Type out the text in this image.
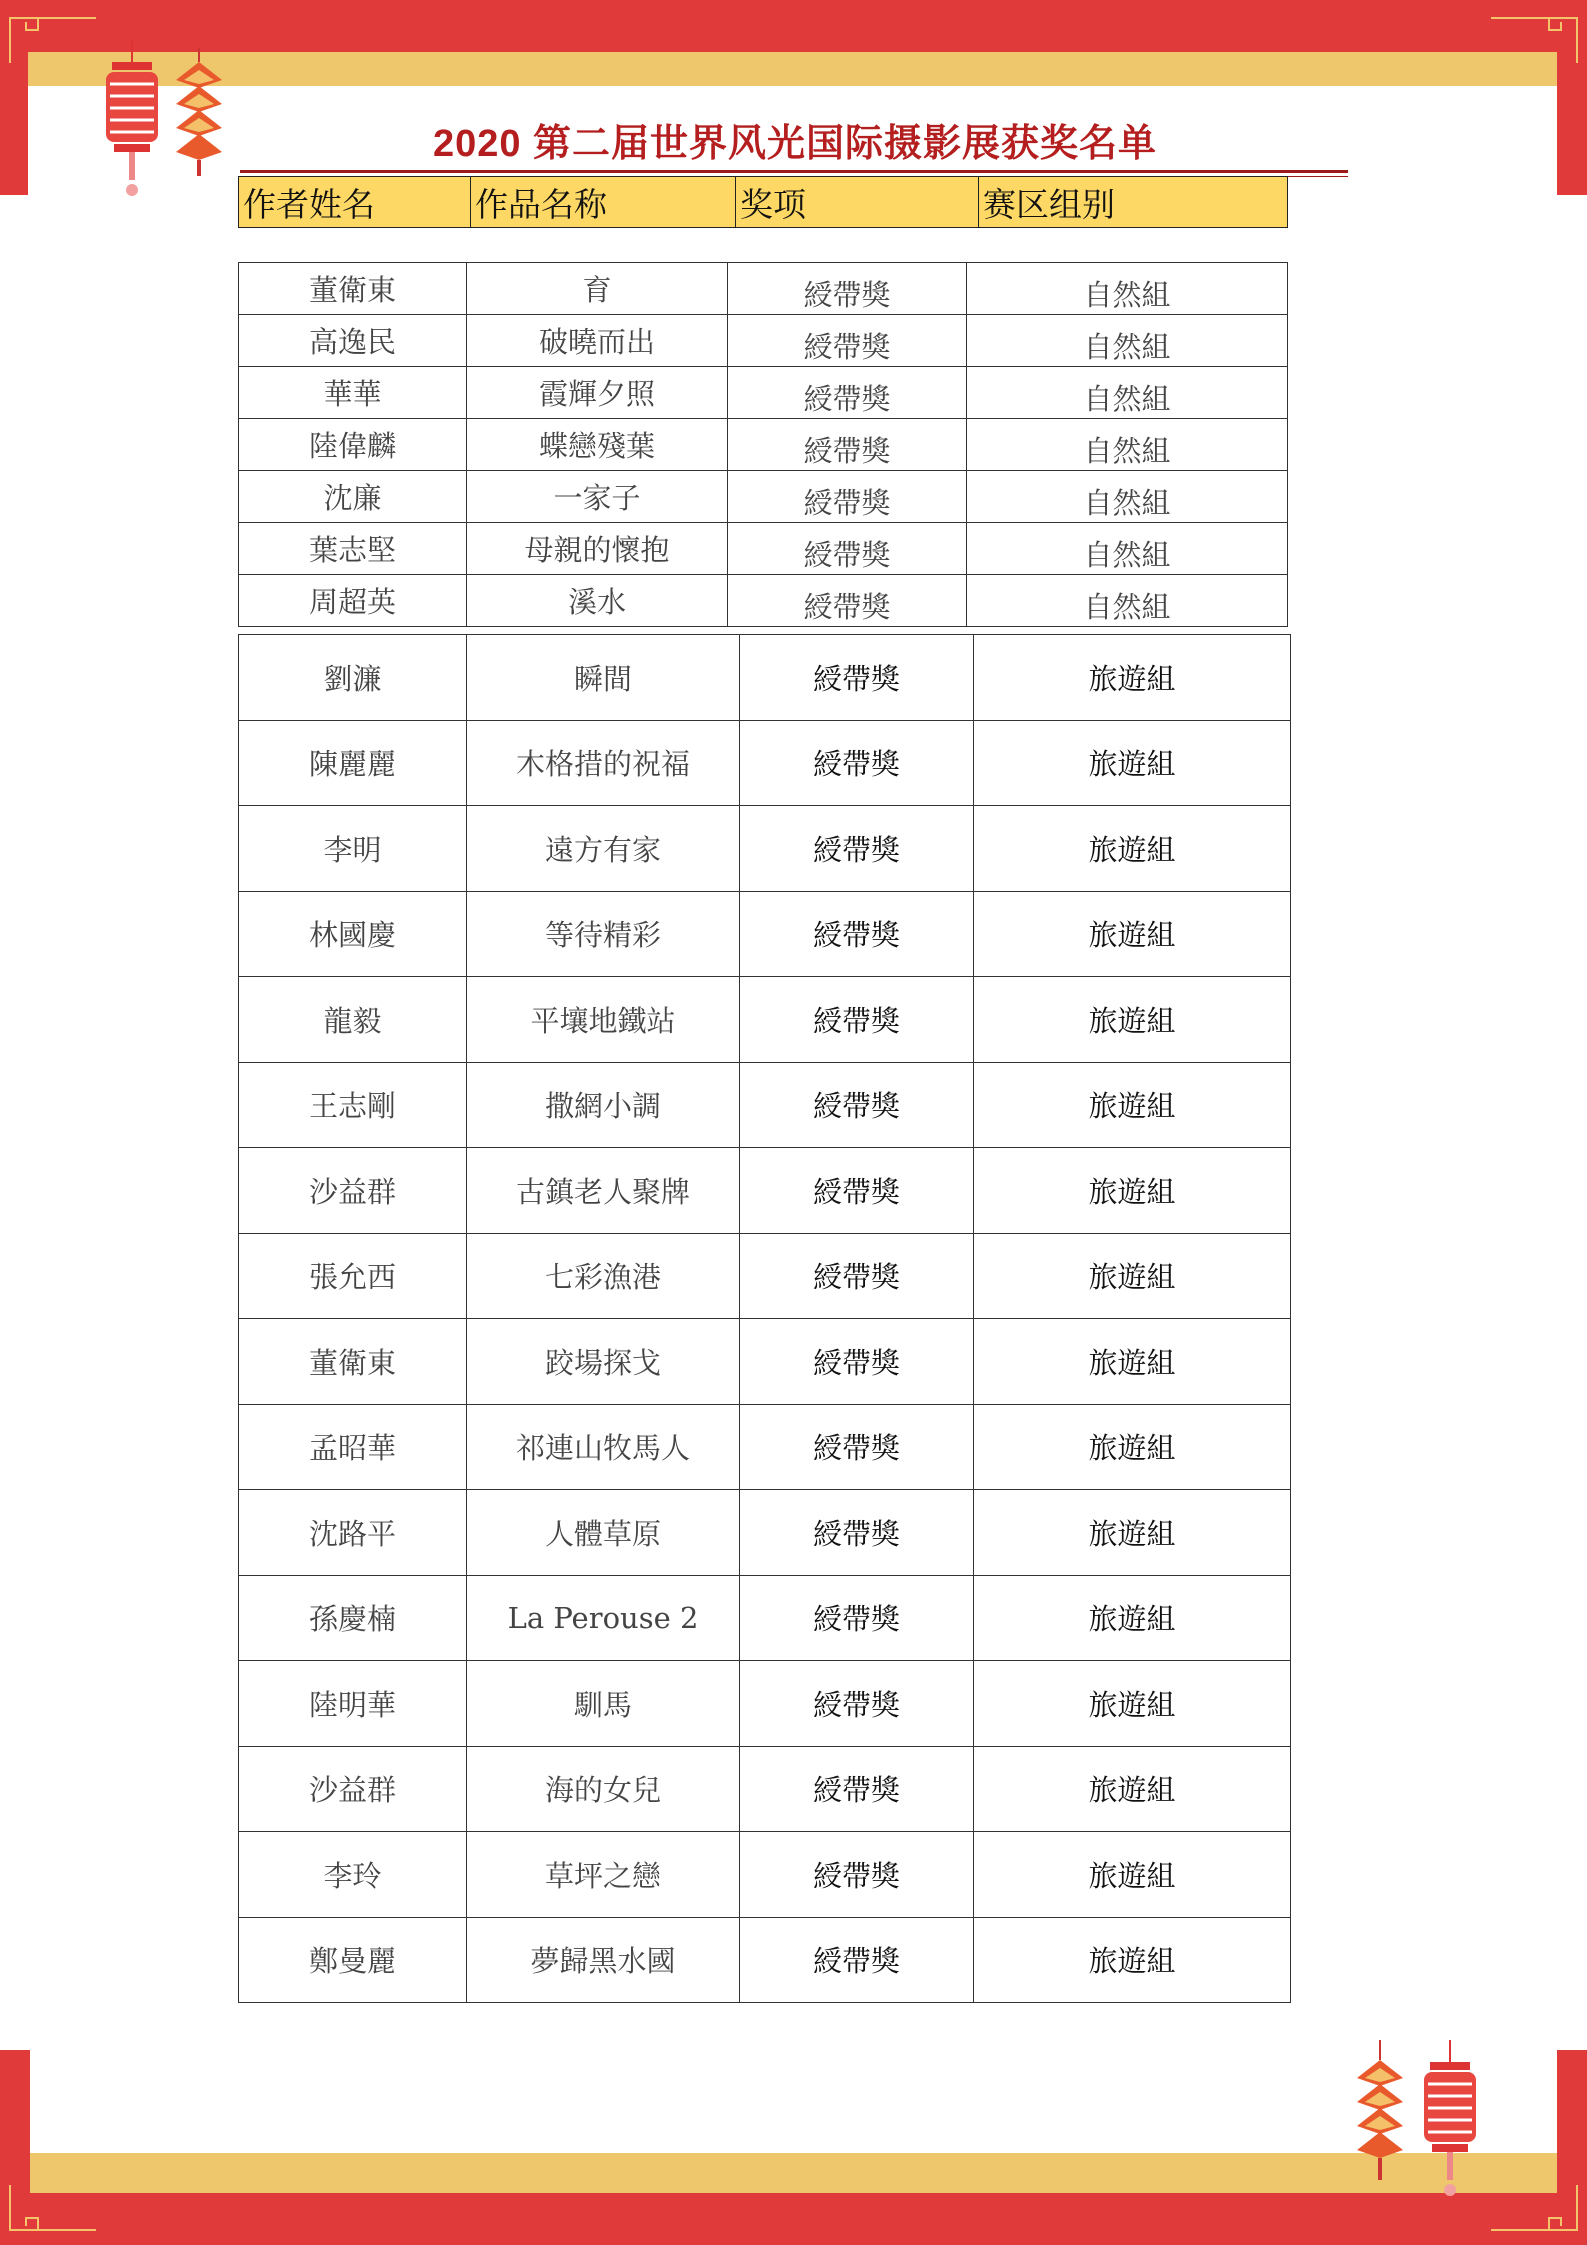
2020 第二届世界风光国际摄影展获奖名单
作者姓名	作品名称	奖项	赛区组别
董衛東	育	綬帶獎	自然組
高逸民	破曉而出	綬帶獎	自然組
華華	霞輝夕照	綬帶獎	自然組
陸偉麟	蝶戀殘葉	綬帶獎	自然組
沈廉	一家子	綬帶獎	自然組
葉志堅	母親的懷抱	綬帶獎	自然組
周超英	溪水	綬帶獎	自然組
劉濂	瞬間	綬帶獎	旅遊組
陳麗麗	木格措的祝福	綬帶獎	旅遊組
李明	遠方有家	綬帶獎	旅遊組
林國慶	等待精彩	綬帶獎	旅遊組
龍毅	平壤地鐵站	綬帶獎	旅遊組
王志剛	撒網小調	綬帶獎	旅遊組
沙益群	古鎮老人聚牌	綬帶獎	旅遊組
張允西	七彩漁港	綬帶獎	旅遊組
董衛東	跤場探戈	綬帶獎	旅遊組
孟昭華	祁連山牧馬人	綬帶獎	旅遊組
沈路平	人體草原	綬帶獎	旅遊組
孫慶楠	La Perouse 2	綬帶獎	旅遊組
陸明華	馴馬	綬帶獎	旅遊組
沙益群	海的女兒	綬帶獎	旅遊組
李玲	草坪之戀	綬帶獎	旅遊組
鄭曼麗	夢歸黑水國	綬帶獎	旅遊組
